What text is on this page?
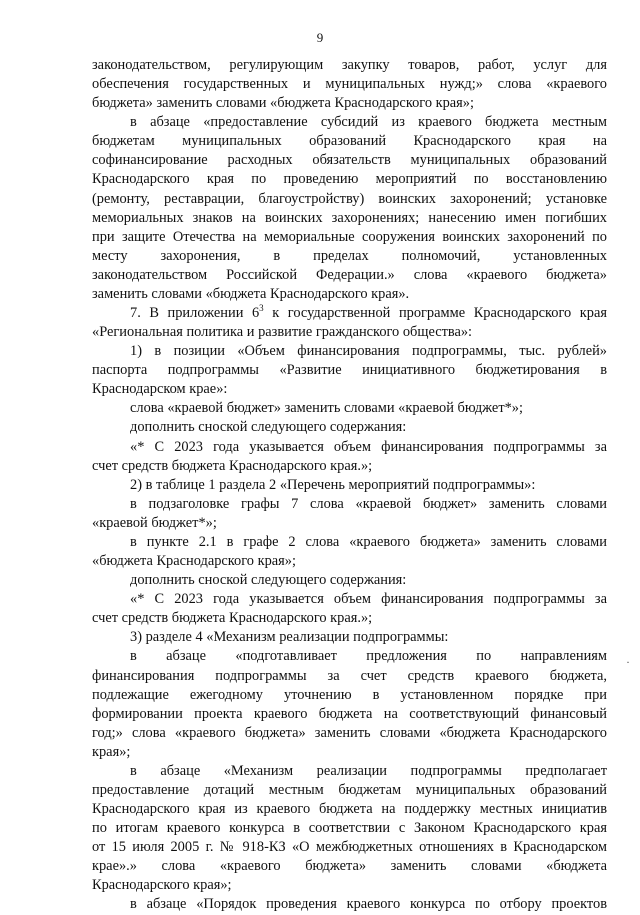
9
законодательством, регулирующим закупку товаров, работ, услуг для
обеспечения государственных и муниципальных нужд;» слова «краевого
бюджета» заменить словами «бюджета Краснодарского края»;
в абзаце «предоставление субсидий из краевого бюджета местным
бюджетам муниципальных образований Краснодарского края на
софинансирование расходных обязательств муниципальных образований
Краснодарского края по проведению мероприятий по восстановлению
(ремонту, реставрации, благоустройству) воинских захоронений; установке
мемориальных знаков на воинских захоронениях; нанесению имен погибших
при защите Отечества на мемориальные сооружения воинских захоронений по
месту захоронения, в пределах полномочий, установленных
законодательством Российской Федерации.» слова «краевого бюджета»
заменить словами «бюджета Краснодарского края».
7. В приложении $6^3$ к государственной программе Краснодарского края
«Региональная политика и развитие гражданского общества»:
1) в позиции «Объем финансирования подпрограммы, тыс. рублей»
паспорта подпрограммы «Развитие инициативного бюджетирования в
Краснодарском крае»:
слова «краевой бюджет» заменить словами «краевой бюджет*»;
дополнить сноской следующего содержания:
«* С 2023 года указывается объем финансирования подпрограммы за
счет средств бюджета Краснодарского края.»;
2) в таблице 1 раздела 2 «Перечень мероприятий подпрограммы»:
в подзаголовке графы 7 слова «краевой бюджет» заменить словами
«краевой бюджет*»;
в пункте 2.1 в графе 2 слова «краевого бюджета» заменить словами
«бюджета Краснодарского края»;
дополнить сноской следующего содержания:
«* С 2023 года указывается объем финансирования подпрограммы за
счет средств бюджета Краснодарского края.»;
3) разделе 4 «Механизм реализации подпрограммы:
в абзаце «подготавливает предложения по направлениям
финансирования подпрограммы за счет средств краевого бюджета,
подлежащие ежегодному уточнению в установленном порядке при
формировании проекта краевого бюджета на соответствующий финансовый
год;» слова «краевого бюджета» заменить словами «бюджета Краснодарского
края»;
в абзаце «Механизм реализации подпрограммы предполагает
предоставление дотаций местным бюджетам муниципальных образований
Краснодарского края из краевого бюджета на поддержку местных инициатив
по итогам краевого конкурса в соответствии с Законом Краснодарского края
от 15 июля 2005 г. № 918-КЗ «О межбюджетных отношениях в Краснодарском
крае».» слова «краевого бюджета» заменить словами «бюджета
Краснодарского края»;
в абзаце «Порядок проведения краевого конкурса по отбору проектов
·
